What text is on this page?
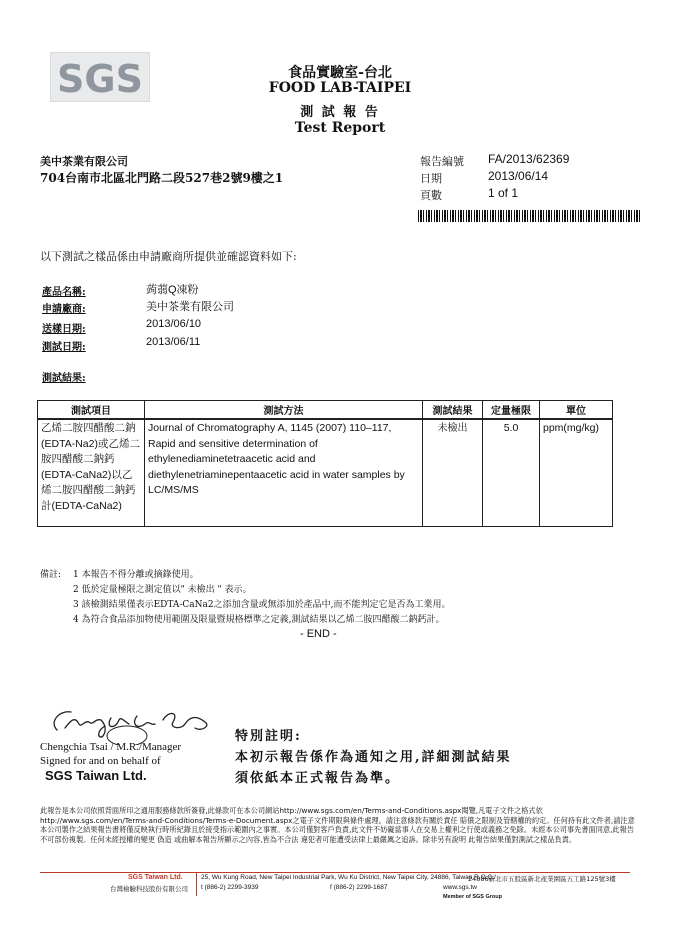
SGS	食品實驗室-台北
FOOD LAB-TAIPEI
測 試 報 告
Test Report
美中茶業有限公司
704台南市北區北門路二段527巷2號9樓之1
報告編號 FA/2013/62369
日期	2013/06/14
頁數	1 of 1
以下測試之樣品係由申請廠商所提供並確認資料如下:
產品名稱:	蒟蒻Q凍粉
申請廠商:	美中茶業有限公司
送樣日期:	2013/06/10
測試日期:	2013/06/11
測試結果:
測試項目	測試方法	測試結果	定量極限	單位
乙烯二胺四醋酸二鈉(EDTA-Na2)或乙烯二胺四醋酸二鈉鈣(EDTA-CaNa2)以乙烯二胺四醋酸二鈉鈣計(EDTA-CaNa2)	Journal of Chromatography A, 1145 (2007) 110–117, Rapid and sensitive determination of ethylenediaminetetraacetic acid and diethylenetriaminepentaacetic acid in water samples by LC/MS/MS	未檢出	5.0	ppm(mg/kg)
備註: 1 本報告不得分離或摘錄使用。
2 低於定量極限之測定值以" 未檢出 " 表示。
3 該檢測結果僅表示EDTA-CaNa2之添加含量或無添加於產品中,而不能判定它是否為工業用。
4 為符合食品添加物使用範圍及限量暨規格標準之定義,測試結果以乙烯二胺四醋酸二鈉鈣計。
- END -
Chengchia Tsai / M.R./Manager
Signed for and on behalf of
SGS Taiwan Ltd.
特別註明:
本初示報告係作為通知之用,詳細測試結果
須依紙本正式報告為準。
此報告是本公司依照背面所印之通用服務條款所簽發,此條款可在本公司網站http://www.sgs.com/en/Terms-and-Conditions.aspx閱覽,凡電子文件之格式依http://www.sgs.com/en/Terms-and-Conditions/Terms-e-Document.aspx之電子文件期限與條件處理。請注意條款有關於責任 賠償之限制及管轄權的約定。任何持有此文件者,請注意本公司製作之結果報告書將僅反映執行時所紀錄且於接受指示範圍內之事實。本公司僅對客戶負責,此文件不妨礙當事人在交易上權利之行使或義務之免除。未經本公司事先書面同意,此報告不可部份複製。任何未經授權的變更 偽造 或曲解本報告所顯示之內容,皆為不合法 違犯者可能遭受法律上最嚴厲之追訴。除非另有說明 此報告結果僅對測試之樣品負責。
SGS Taiwan Ltd.
台灣檢驗科技股份有限公司
25, Wu Kung Road, New Taipei Industrial Park, Wu Ku District, New Taipei City, 24886, Taiwan R.O.C./
24886新北市五股區新北產業園區五工路125號3樓
t (886-2) 2299-3939	f (886-2) 2299-1687	www.sgs.tw
Member of SGS Group
